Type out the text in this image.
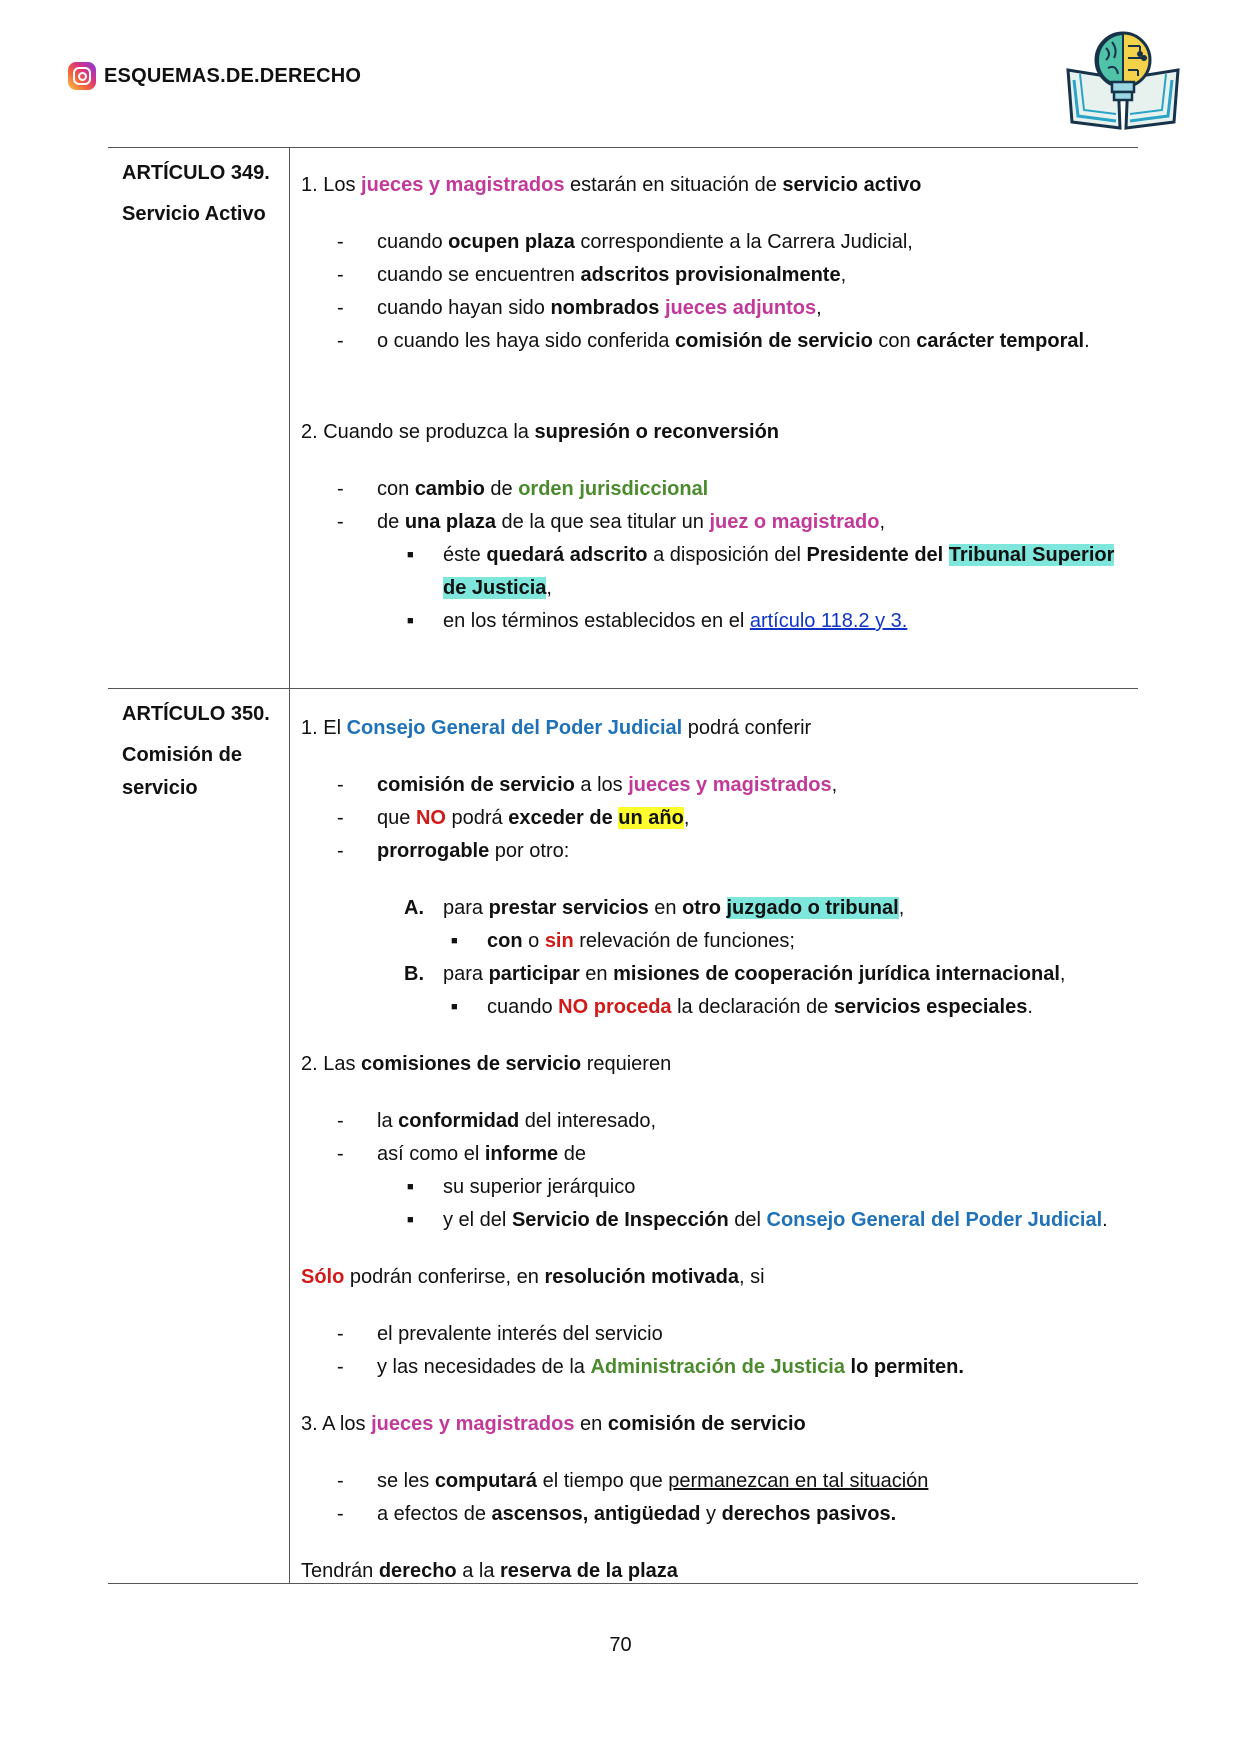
ESQUEMAS.DE.DERECHO
ARTÍCULO 349.
Servicio Activo

1. Los jueces y magistrados estarán en situación de servicio activo

- cuando ocupen plaza correspondiente a la Carrera Judicial,
- cuando se encuentren adscritos provisionalmente,
- cuando hayan sido nombrados jueces adjuntos,
- o cuando les haya sido conferida comisión de servicio con carácter temporal.

2. Cuando se produzca la supresión o reconversión

- con cambio de orden jurisdiccional
- de una plaza de la que sea titular un juez o magistrado,
■ éste quedará adscrito a disposición del Presidente del Tribunal Superior de Justicia,
■ en los términos establecidos en el artículo 118.2 y 3.
ARTÍCULO 350.
Comisión de
servicio

1. El Consejo General del Poder Judicial podrá conferir

- comisión de servicio a los jueces y magistrados,
- que NO podrá exceder de un año,
- prorrogable por otro:
A. para prestar servicios en otro juzgado o tribunal,
■ con o sin relevación de funciones;
B. para participar en misiones de cooperación jurídica internacional,
■ cuando NO proceda la declaración de servicios especiales.

2. Las comisiones de servicio requieren

- la conformidad del interesado,
- así como el informe de
■ su superior jerárquico
■ y el del Servicio de Inspección del Consejo General del Poder Judicial.

Sólo podrán conferirse, en resolución motivada, si

- el prevalente interés del servicio
- y las necesidades de la Administración de Justicia lo permiten.

3. A los jueces y magistrados en comisión de servicio

- se les computará el tiempo que permanezcan en tal situación
- a efectos de ascensos, antigüedad y derechos pasivos.

Tendrán derecho a la reserva de la plaza

70
